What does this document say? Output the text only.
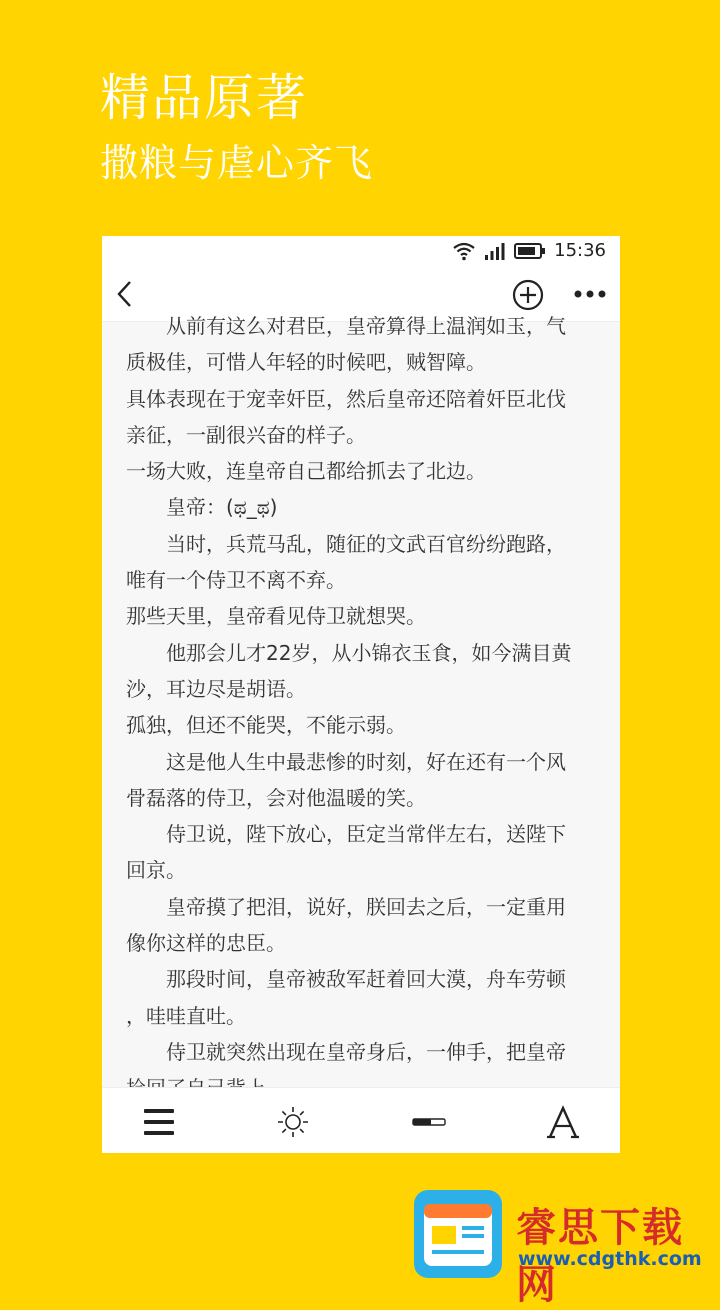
精品原著
撒粮与虐心齐飞
15:36
　　从前有这么对君臣，皇帝算得上温润如玉，气
质极佳，可惜人年轻的时候吧，贼智障。
具体表现在于宠幸奸臣，然后皇帝还陪着奸臣北伐
亲征，一副很兴奋的样子。
一场大败，连皇帝自己都给抓去了北边。
　　皇帝：(ಥ_ಥ)
　　当时，兵荒马乱，随征的文武百官纷纷跑路，
唯有一个侍卫不离不弃。
那些天里，皇帝看见侍卫就想哭。
　　他那会儿才22岁，从小锦衣玉食，如今满目黄
沙，耳边尽是胡语。
孤独，但还不能哭，不能示弱。
　　这是他人生中最悲惨的时刻，好在还有一个风
骨磊落的侍卫，会对他温暖的笑。
　　侍卫说，陛下放心，臣定当常伴左右，送陛下
回京。
　　皇帝摸了把泪，说好，朕回去之后，一定重用
像你这样的忠臣。
　　那段时间，皇帝被敌军赶着回大漠，舟车劳顿
，哇哇直吐。
　　侍卫就突然出现在皇帝身后，一伸手，把皇帝
睿思下载网
www.cdgthk.com
